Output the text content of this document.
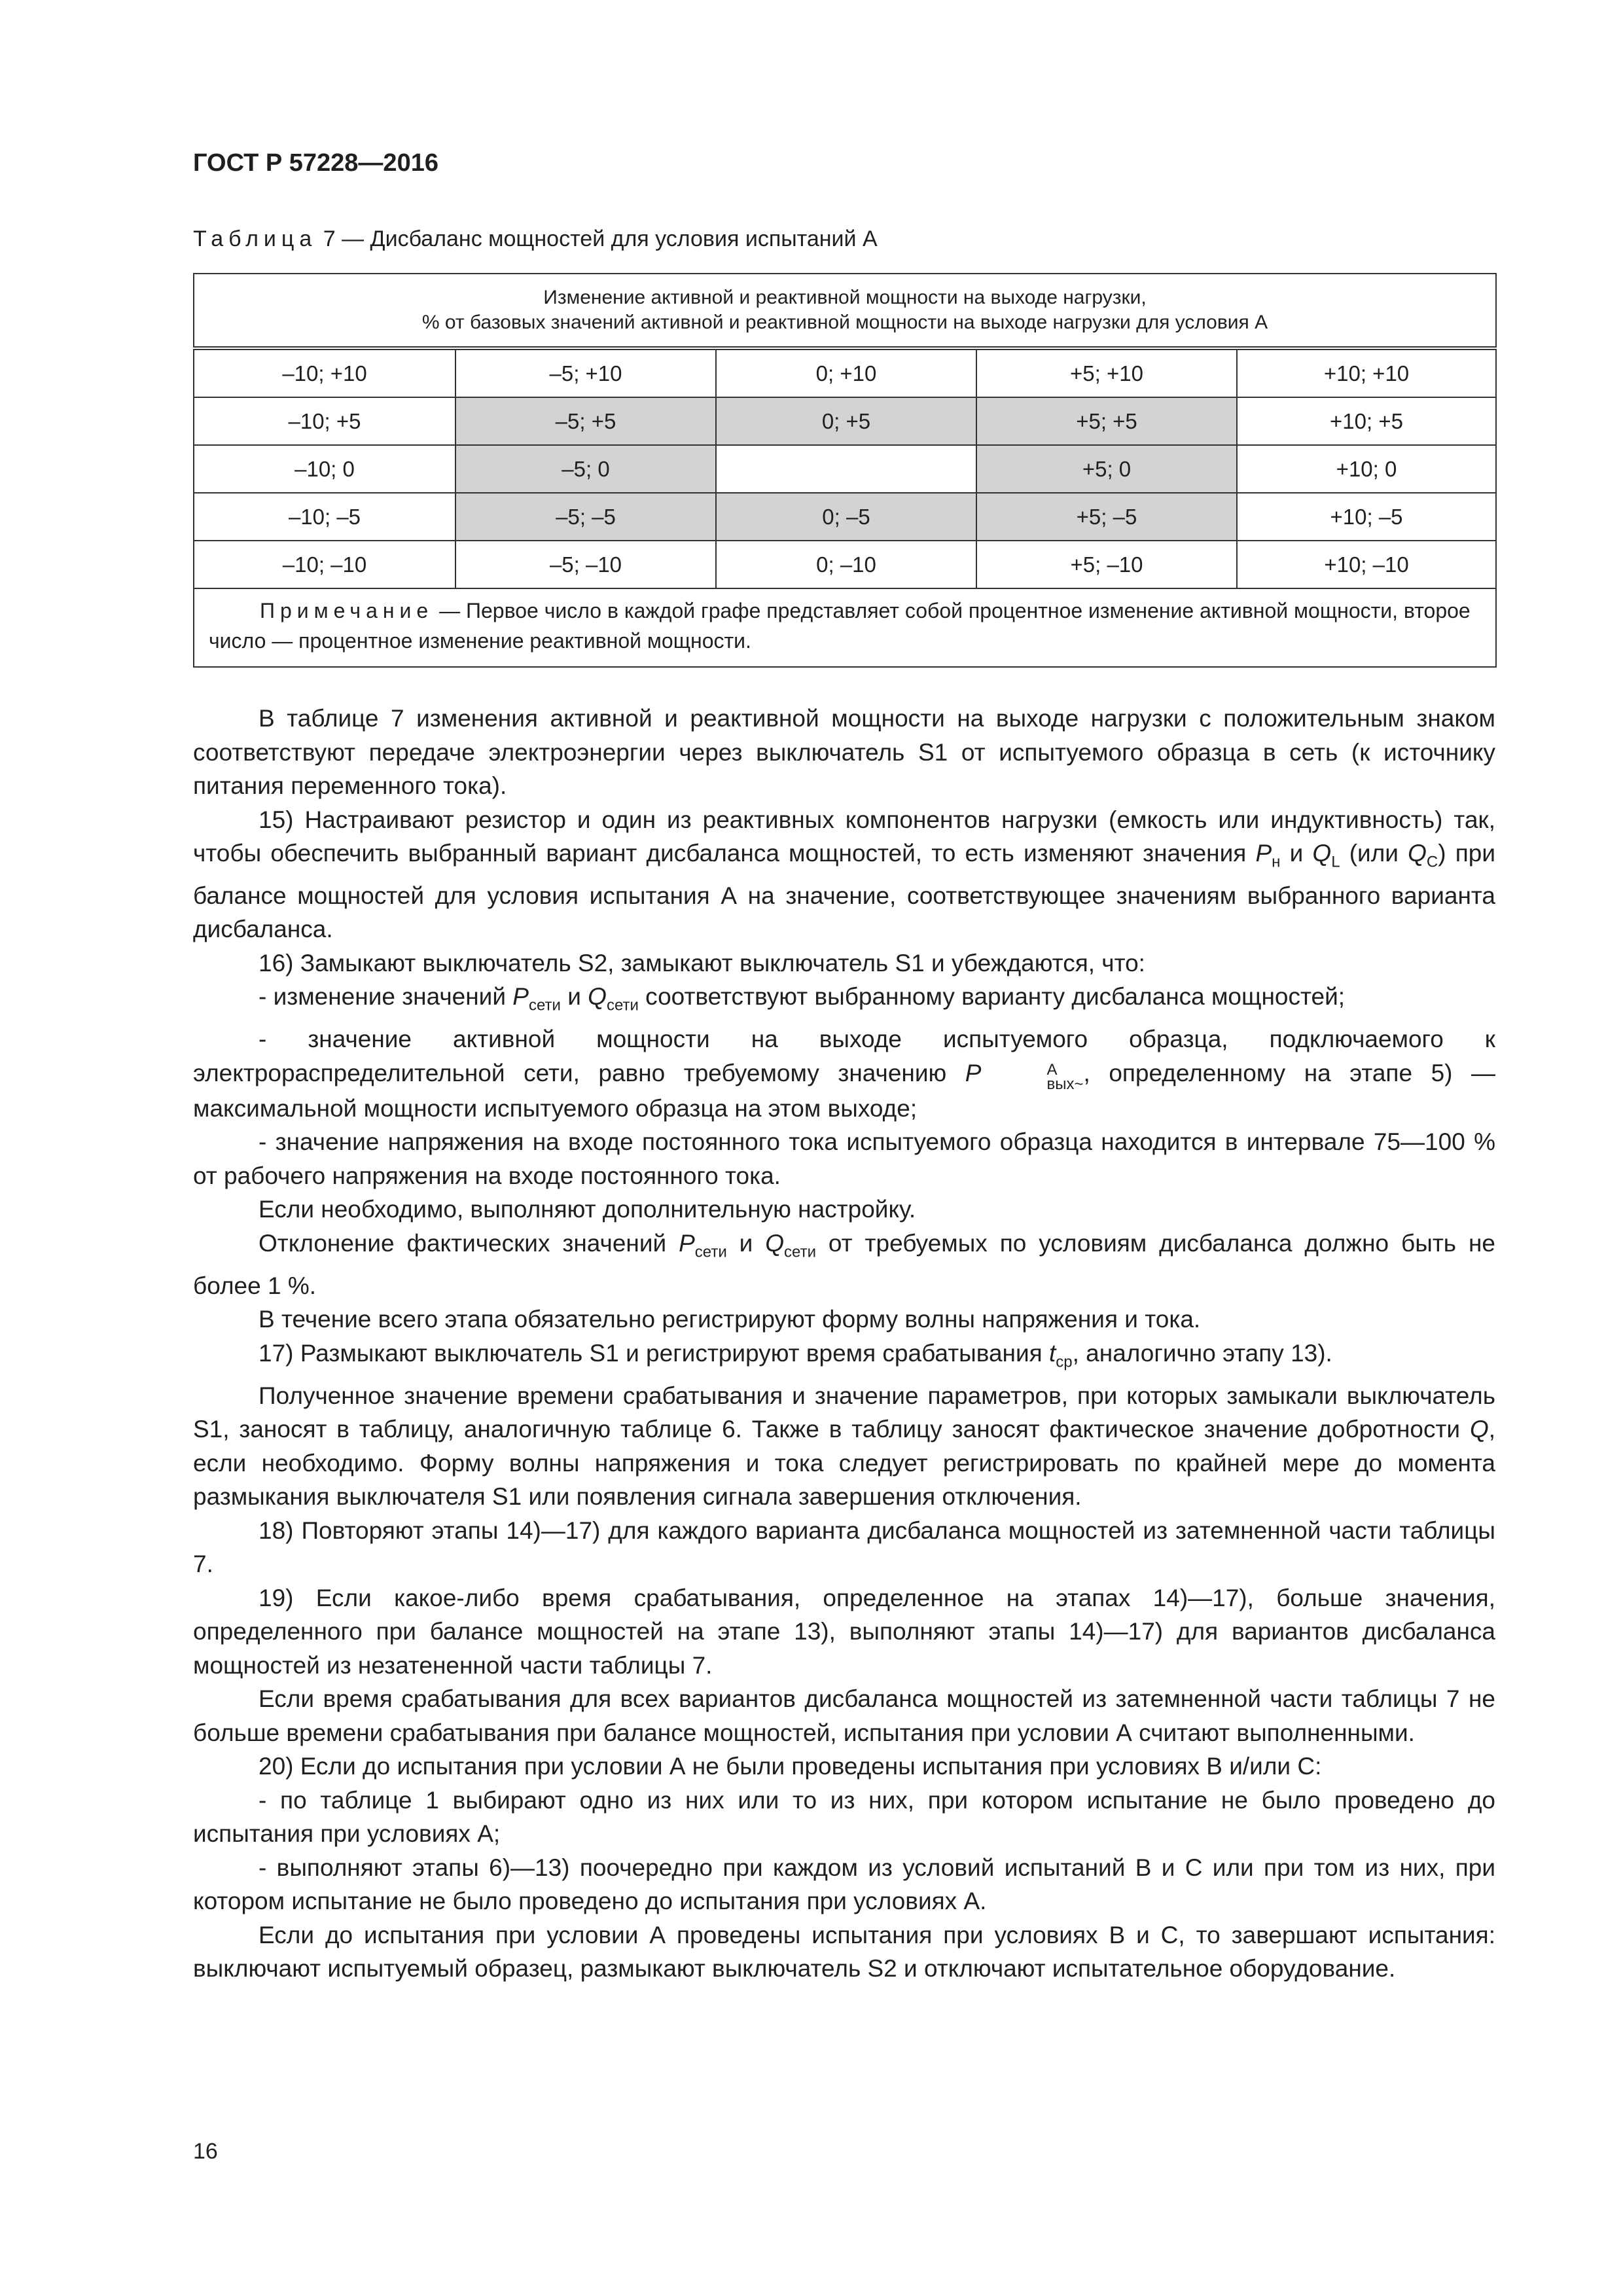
ГОСТ Р 57228—2016
Таблица 7 — Дисбаланс мощностей для условия испытаний А
Изменение активной и реактивной мощности на выходе нагрузки,
% от базовых значений активной и реактивной мощности на выходе нагрузки для условия А				

–10; +10	–5; +10	0; +10	+5; +10	+10; +10
–10; +5	–5; +5	0; +5	+5; +5	+10; +5
–10; 0	–5; 0		+5; 0	+10; 0
–10; –5	–5; –5	0; –5	+5; –5	+10; –5
–10; –10	–5; –10	0; –10	+5; –10	+10; –10
Примечание — Первое число в каждой графе представляет собой процентное изменение активной мощности, второе число — процентное изменение реактивной мощности.				

В таблице 7 изменения активной и реактивной мощности на выходе нагрузки с положительным знаком соответствуют передаче электроэнергии через выключатель S1 от испытуемого образца в сеть (к источнику питания переменного тока).

15) Настраивают резистор и один из реактивных компонентов нагрузки (емкость или индуктивность) так, чтобы обеспечить выбранный вариант дисбаланса мощностей, то есть изменяют значения $P_н$ и $Q_L$ (или $Q_C$) при балансе мощностей для условия испытания А на значение, соответствующее значениям выбранного варианта дисбаланса.

16) Замыкают выключатель S2, замыкают выключатель S1 и убеждаются, что:

- изменение значений $P_{сети}$ и $Q_{сети}$ соответствуют выбранному варианту дисбаланса мощностей;

- значение активной мощности на выходе испытуемого образца, подключаемого к электрораспределительной сети, равно требуемому значению P	A
вых~ , определенному на этапе 5) — максимальной мощности испытуемого образца на этом выходе;

- значение напряжения на входе постоянного тока испытуемого образца находится в интервале 75—100 % от рабочего напряжения на входе постоянного тока.

Если необходимо, выполняют дополнительную настройку.

Отклонение фактических значений $P_{сети}$ и $Q_{сети}$ от требуемых по условиям дисбаланса должно быть не более 1 %.

В течение всего этапа обязательно регистрируют форму волны напряжения и тока.

17) Размыкают выключатель S1 и регистрируют время срабатывания $t_{ср}$, аналогично этапу 13).

Полученное значение времени срабатывания и значение параметров, при которых замыкали выключатель S1, заносят в таблицу, аналогичную таблице 6. Также в таблицу заносят фактическое значение добротности Q, если необходимо. Форму волны напряжения и тока следует регистрировать по крайней мере до момента размыкания выключателя S1 или появления сигнала завершения отключения.

18) Повторяют этапы 14)—17) для каждого варианта дисбаланса мощностей из затемненной части таблицы 7.

19) Если какое-либо время срабатывания, определенное на этапах 14)—17), больше значения, определенного при балансе мощностей на этапе 13), выполняют этапы 14)—17) для вариантов дисбаланса мощностей из незатененной части таблицы 7.

Если время срабатывания для всех вариантов дисбаланса мощностей из затемненной части таблицы 7 не больше времени срабатывания при балансе мощностей, испытания при условии А считают выполненными.

20) Если до испытания при условии А не были проведены испытания при условиях В и/или С:

- по таблице 1 выбирают одно из них или то из них, при котором испытание не было проведено до испытания при условиях А;

- выполняют этапы 6)—13) поочередно при каждом из условий испытаний В и С или при том из них, при котором испытание не было проведено до испытания при условиях А.

Если до испытания при условии А проведены испытания при условиях В и С, то завершают испытания: выключают испытуемый образец, размыкают выключатель S2 и отключают испытательное оборудование.

16
